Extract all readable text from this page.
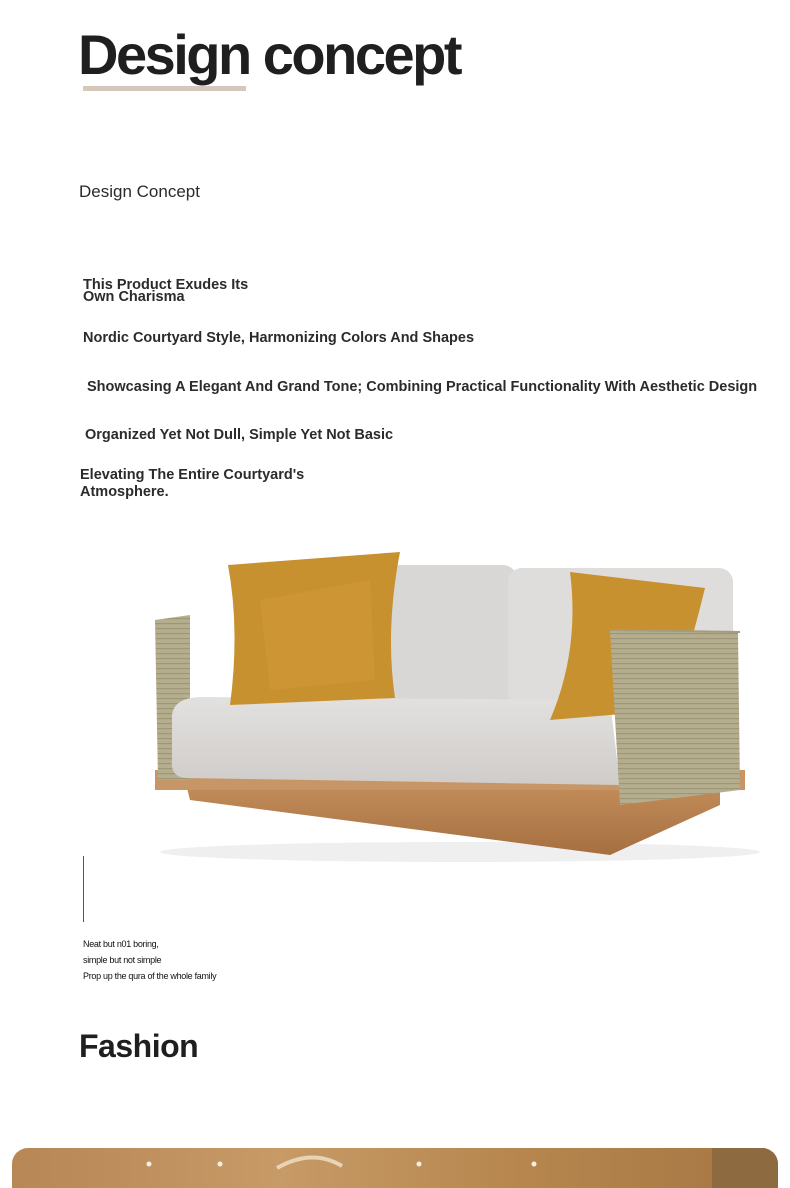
Design concept
Design Concept
This Product Exudes Its
Own Charisma
Nordic Courtyard Style, Harmonizing Colors And Shapes
Showcasing A Elegant And Grand Tone; Combining Practical Functionality With Aesthetic Design
Organized Yet Not Dull, Simple Yet Not Basic
Elevating The Entire Courtyard's
Atmosphere.
Neat but n01 boring,
simple but not simple
Prop up the qura of the whole family
Fashion
